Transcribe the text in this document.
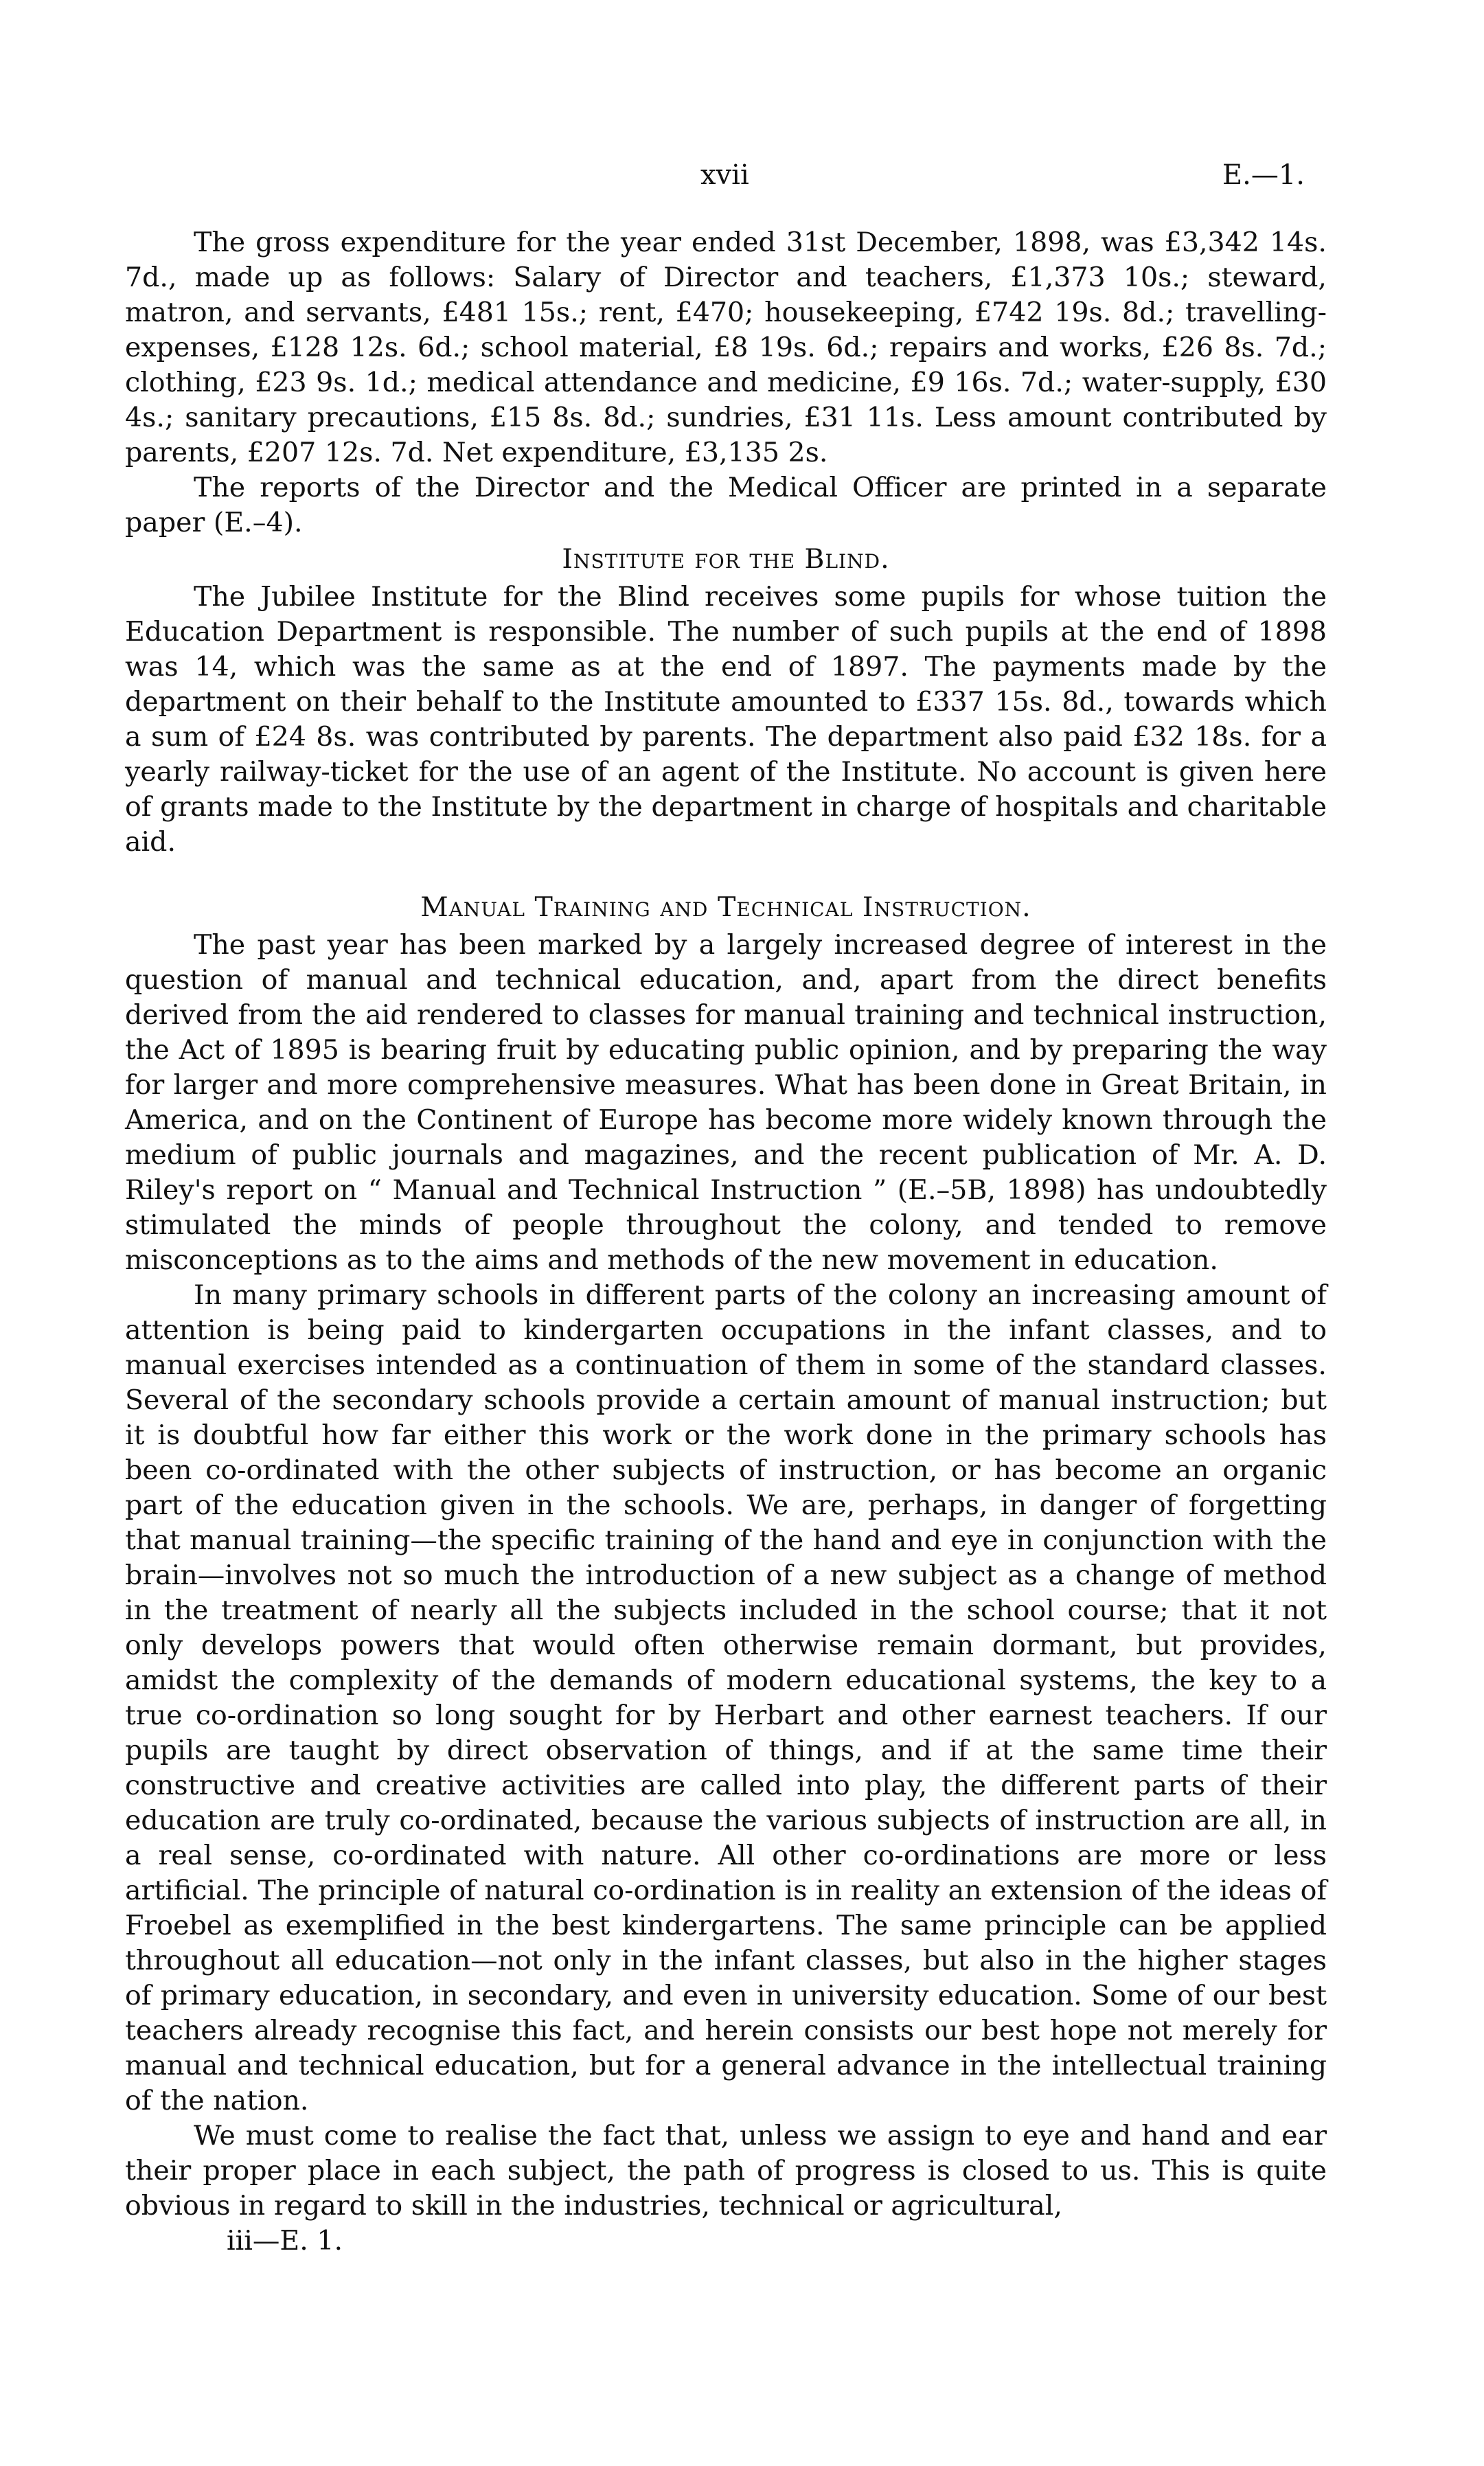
xvii	E.—1.

The gross expenditure for the year ended 31st December, 1898, was £3,342 14s. 7d., made up as follows: Salary of Director and teachers, £1,373 10s.; steward, matron, and servants, £481 15s.; rent, £470; housekeeping, £742 19s. 8d.; travelling-expenses, £128 12s. 6d.; school material, £8 19s. 6d.; repairs and works, £26 8s. 7d.; clothing, £23 9s. 1d.; medical attendance and medicine, £9 16s. 7d.; water-supply, £30 4s.; sanitary precautions, £15 8s. 8d.; sundries, £31 11s. Less amount contributed by parents, £207 12s. 7d. Net expenditure, £3,135 2s.

The reports of the Director and the Medical Officer are printed in a separate paper (E.–4).

Institute for the Blind.

The Jubilee Institute for the Blind receives some pupils for whose tuition the Education Department is responsible. The number of such pupils at the end of 1898 was 14, which was the same as at the end of 1897. The payments made by the department on their behalf to the Institute amounted to £337 15s. 8d., towards which a sum of £24 8s. was contributed by parents. The department also paid £32 18s. for a yearly railway-ticket for the use of an agent of the Institute. No account is given here of grants made to the Institute by the department in charge of hospitals and charitable aid.

Manual Training and Technical Instruction.

The past year has been marked by a largely increased degree of interest in the question of manual and technical education, and, apart from the direct benefits derived from the aid rendered to classes for manual training and technical instruction, the Act of 1895 is bearing fruit by educating public opinion, and by preparing the way for larger and more comprehensive measures. What has been done in Great Britain, in America, and on the Continent of Europe has become more widely known through the medium of public journals and magazines, and the recent publication of Mr. A. D. Riley's report on “ Manual and Technical Instruction ” (E.–5B, 1898) has undoubtedly stimulated the minds of people throughout the colony, and tended to remove misconceptions as to the aims and methods of the new movement in education.

In many primary schools in different parts of the colony an increasing amount of attention is being paid to kindergarten occupations in the infant classes, and to manual exercises intended as a continuation of them in some of the standard classes. Several of the secondary schools provide a certain amount of manual instruction; but it is doubtful how far either this work or the work done in the primary schools has been co-ordinated with the other subjects of instruction, or has become an organic part of the education given in the schools. We are, perhaps, in danger of forgetting that manual training—the specific training of the hand and eye in conjunction with the brain—involves not so much the introduction of a new subject as a change of method in the treatment of nearly all the subjects included in the school course; that it not only develops powers that would often otherwise remain dormant, but provides, amidst the complexity of the demands of modern educational systems, the key to a true co-ordination so long sought for by Herbart and other earnest teachers. If our pupils are taught by direct observation of things, and if at the same time their constructive and creative activities are called into play, the different parts of their education are truly co-ordinated, because the various subjects of instruction are all, in a real sense, co-ordinated with nature. All other co-ordinations are more or less artificial. The principle of natural co-ordination is in reality an extension of the ideas of Froebel as exemplified in the best kindergartens. The same principle can be applied throughout all education—not only in the infant classes, but also in the higher stages of primary education, in secondary, and even in university education. Some of our best teachers already recognise this fact, and herein consists our best hope not merely for manual and technical education, but for a general advance in the intellectual training of the nation.

We must come to realise the fact that, unless we assign to eye and hand and ear their proper place in each subject, the path of progress is closed to us. This is quite obvious in regard to skill in the industries, technical or agricultural,

iii—E. 1.
